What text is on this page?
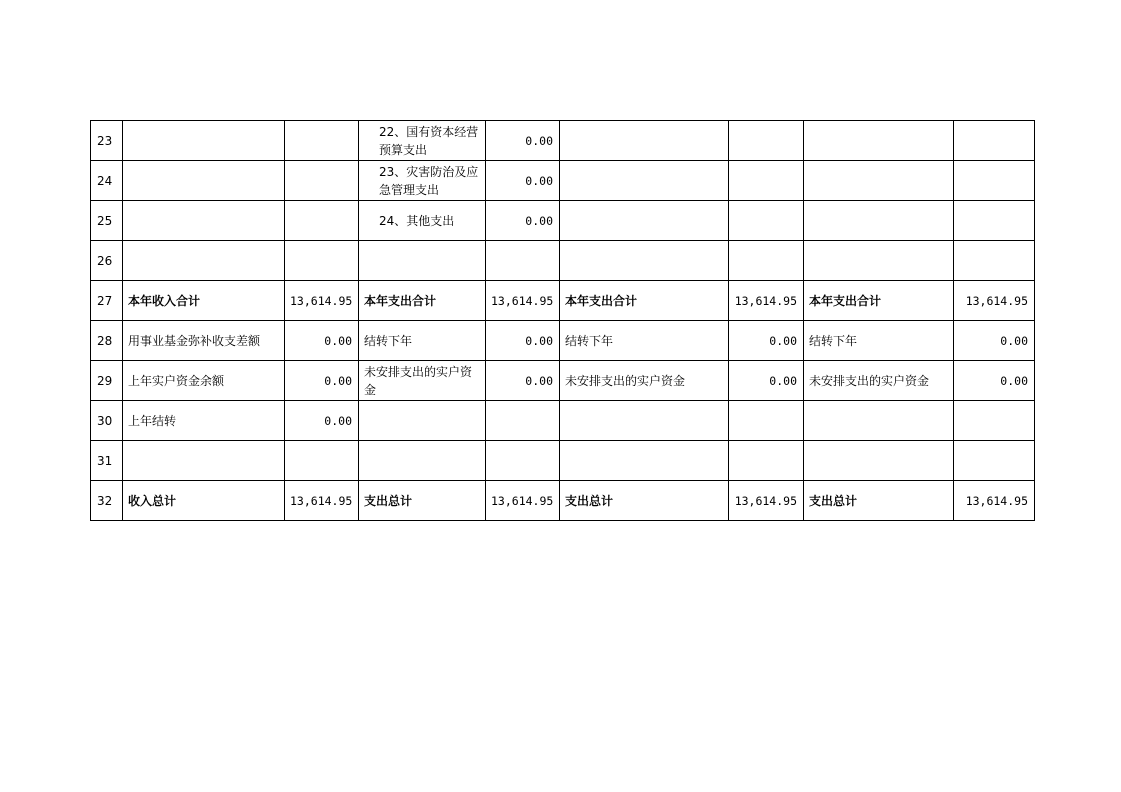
23			22、国有资本经营预算支出	0.00				
24			23、灾害防治及应急管理支出	0.00				
25			24、其他支出	0.00				
26								
27	本年收入合计	13,614.95	本年支出合计	13,614.95	本年支出合计	13,614.95	本年支出合计	13,614.95
28	用事业基金弥补收支差额	0.00	结转下年	0.00	结转下年	0.00	结转下年	0.00
29	上年实户资金余额	0.00	未安排支出的实户资金	0.00	未安排支出的实户资金	0.00	未安排支出的实户资金	0.00
30	上年结转	0.00						
31								
32	收入总计	13,614.95	支出总计	13,614.95	支出总计	13,614.95	支出总计	13,614.95
